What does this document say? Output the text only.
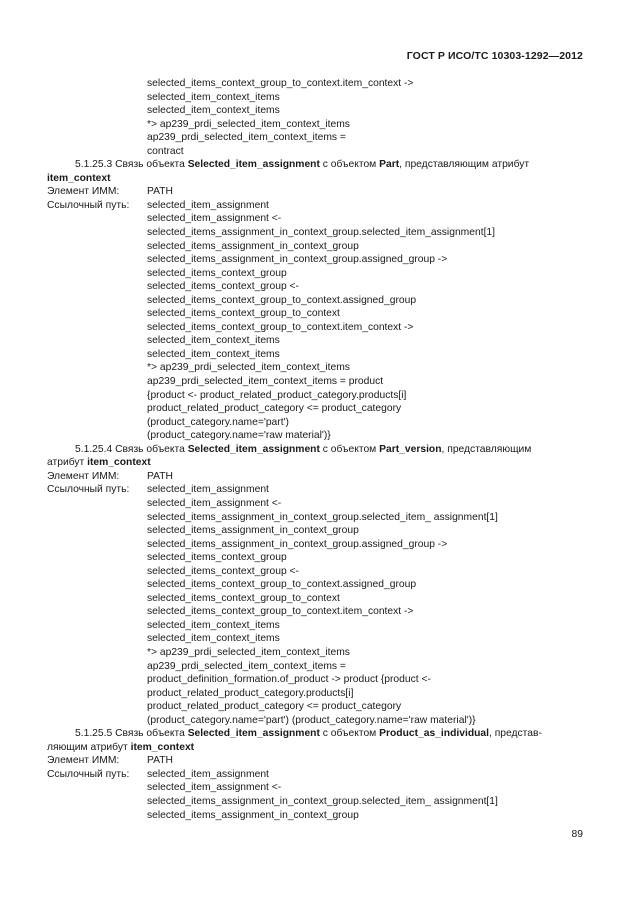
ГОСТ Р ИСО/ТС 10303-1292—2012
selected_items_context_group_to_context.item_context ->
selected_item_context_items
selected_item_context_items
*> ap239_prdi_selected_item_context_items
ap239_prdi_selected_item_context_items =
contract
5.1.25.3 Связь объекта Selected_item_assignment с объектом Part, представляющим атрибут
item_context
Элемент ИММ:	PATH
Ссылочный путь:	selected_item_assignment
selected_item_assignment <-
selected_items_assignment_in_context_group.selected_item_assignment[1]
selected_items_assignment_in_context_group
selected_items_assignment_in_context_group.assigned_group ->
selected_items_context_group
selected_items_context_group <-
selected_items_context_group_to_context.assigned_group
selected_items_context_group_to_context
selected_items_context_group_to_context.item_context ->
selected_item_context_items
selected_item_context_items
*> ap239_prdi_selected_item_context_items
ap239_prdi_selected_item_context_items = product
{product <- product_related_product_category.products[i]
product_related_product_category <= product_category
(product_category.name='part')
(product_category.name='raw material')}
5.1.25.4 Связь объекта Selected_item_assignment с объектом Part_version, представляющим
атрибут item_context
Элемент ИММ:	PATH
Ссылочный путь:	selected_item_assignment
selected_item_assignment <-
selected_items_assignment_in_context_group.selected_item_ assignment[1]
selected_items_assignment_in_context_group
selected_items_assignment_in_context_group.assigned_group ->
selected_items_context_group
selected_items_context_group <-
selected_items_context_group_to_context.assigned_group
selected_items_context_group_to_context
selected_items_context_group_to_context.item_context ->
selected_item_context_items
selected_item_context_items
*> ap239_prdi_selected_item_context_items
ap239_prdi_selected_item_context_items =
product_definition_formation.of_product -> product {product <-
product_related_product_category.products[i]
product_related_product_category <= product_category
(product_category.name='part') (product_category.name='raw material')}
5.1.25.5 Связь объекта Selected_item_assignment с объектом Product_as_individual, представ-
ляющим атрибут item_context
Элемент ИММ:	PATH
Ссылочный путь:	selected_item_assignment
selected_item_assignment <-
selected_items_assignment_in_context_group.selected_item_ assignment[1]
selected_items_assignment_in_context_group
89
